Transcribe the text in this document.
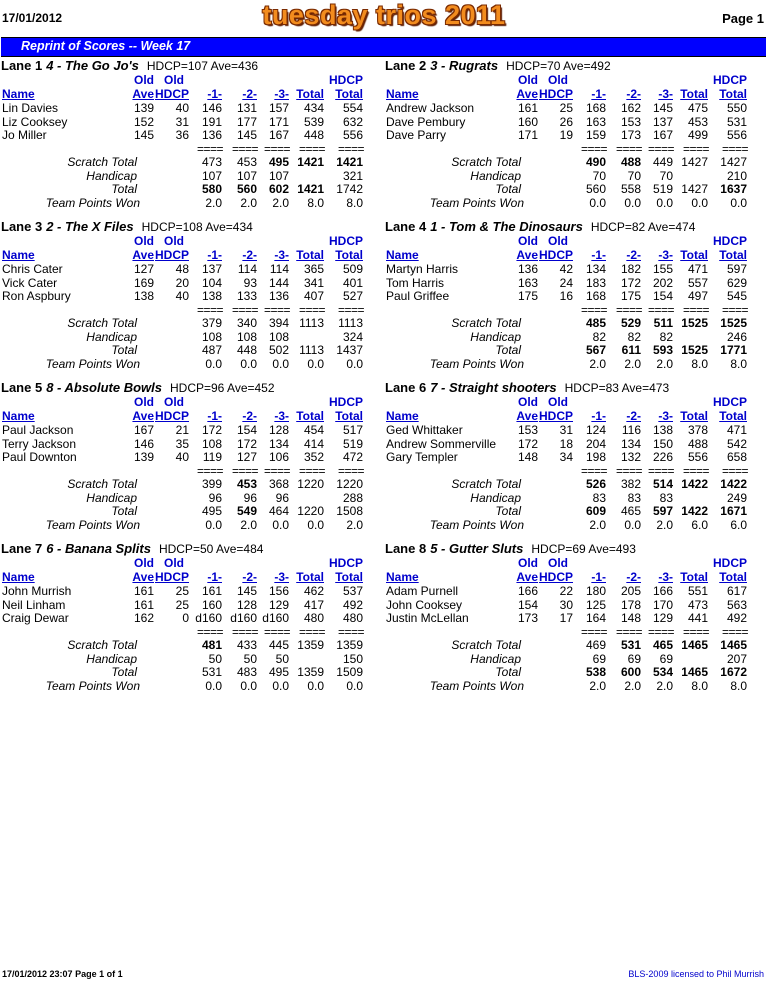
17/01/2012	tuesday trios 2011	Page 1
Reprint of Scores -- Week 17
Lane 1 4 - The Go Jo's HDCP=107 Ave=436
Old Old	HDCP
Name	Ave HDCP -1- -2- -3- Total Total
Lin Davies	139 40 146 131 157 434 554
Liz Cooksey	152 31 191 177 171 539 632
Jo Miller	145 36 136 145 167 448 556
==== ==== ==== ==== ====
Scratch Total	473 453 495 1421 1421
Handicap	107 107 107	321
Total	580 560 602 1421 1742
Team Points Won	2.0 2.0 2.0 8.0 8.0
Lane 2 3 - Rugrats HDCP=70 Ave=492
Old Old	HDCP
Name	Ave HDCP -1- -2- -3- Total Total
Andrew Jackson	161 25 168 162 145 475 550
Dave Pembury	160 26 163 153 137 453 531
Dave Parry	171 19 159 173 167 499 556
==== ==== ==== ==== ====
Scratch Total	490 488 449 1427 1427
Handicap	70 70 70	210
Total	560 558 519 1427 1637
Team Points Won	0.0 0.0 0.0 0.0 0.0
Lane 3 2 - The X Files HDCP=108 Ave=434
Old Old	HDCP
Name	Ave HDCP -1- -2- -3- Total Total
Chris Cater	127 48 137 114 114 365 509
Vick Cater	169 20 104 93 144 341 401
Ron Aspbury	138 40 138 133 136 407 527
==== ==== ==== ==== ====
Scratch Total	379 340 394 1113 1113
Handicap	108 108 108	324
Total	487 448 502 1113 1437
Team Points Won	0.0 0.0 0.0 0.0 0.0
Lane 4 1 - Tom & The Dinosaurs HDCP=82 Ave=474
Old Old	HDCP
Name	Ave HDCP -1- -2- -3- Total Total
Martyn Harris	136 42 134 182 155 471 597
Tom Harris	163 24 183 172 202 557 629
Paul Griffee	175 16 168 175 154 497 545
==== ==== ==== ==== ====
Scratch Total	485 529 511 1525 1525
Handicap	82 82 82	246
Total	567 611 593 1525 1771
Team Points Won	2.0 2.0 2.0 8.0 8.0
Lane 5 8 - Absolute Bowls HDCP=96 Ave=452
Old Old	HDCP
Name	Ave HDCP -1- -2- -3- Total Total
Paul Jackson	167 21 172 154 128 454 517
Terry Jackson	146 35 108 172 134 414 519
Paul Downton	139 40 119 127 106 352 472
==== ==== ==== ==== ====
Scratch Total	399 453 368 1220 1220
Handicap	96 96 96	288
Total	495 549 464 1220 1508
Team Points Won	0.0 2.0 0.0 0.0 2.0
Lane 6 7 - Straight shooters HDCP=83 Ave=473
Old Old	HDCP
Name	Ave HDCP -1- -2- -3- Total Total
Ged Whittaker	153 31 124 116 138 378 471
Andrew Sommerville 172 18 204 134 150 488 542
Gary Templer	148 34 198 132 226 556 658
==== ==== ==== ==== ====
Scratch Total	526 382 514 1422 1422
Handicap	83 83 83	249
Total	609 465 597 1422 1671
Team Points Won	2.0 0.0 2.0 6.0 6.0
Lane 7 6 - Banana Splits HDCP=50 Ave=484
Old Old	HDCP
Name	Ave HDCP -1- -2- -3- Total Total
John Murrish	161 25 161 145 156 462 537
Neil Linham	161 25 160 128 129 417 492
Craig Dewar	162 0 d160 d160 d160 480 480
==== ==== ==== ==== ====
Scratch Total	481 433 445 1359 1359
Handicap	50 50 50	150
Total	531 483 495 1359 1509
Team Points Won	0.0 0.0 0.0 0.0 0.0
Lane 8 5 - Gutter Sluts HDCP=69 Ave=493
Old Old	HDCP
Name	Ave HDCP -1- -2- -3- Total Total
Adam Purnell	166 22 180 205 166 551 617
John Cooksey	154 30 125 178 170 473 563
Justin McLellan	173 17 164 148 129 441 492
==== ==== ==== ==== ====
Scratch Total	469 531 465 1465 1465
Handicap	69 69 69	207
Total	538 600 534 1465 1672
Team Points Won	2.0 2.0 2.0 8.0 8.0
17/01/2012 23:07 Page 1 of 1	BLS-2009 licensed to Phil Murrish
